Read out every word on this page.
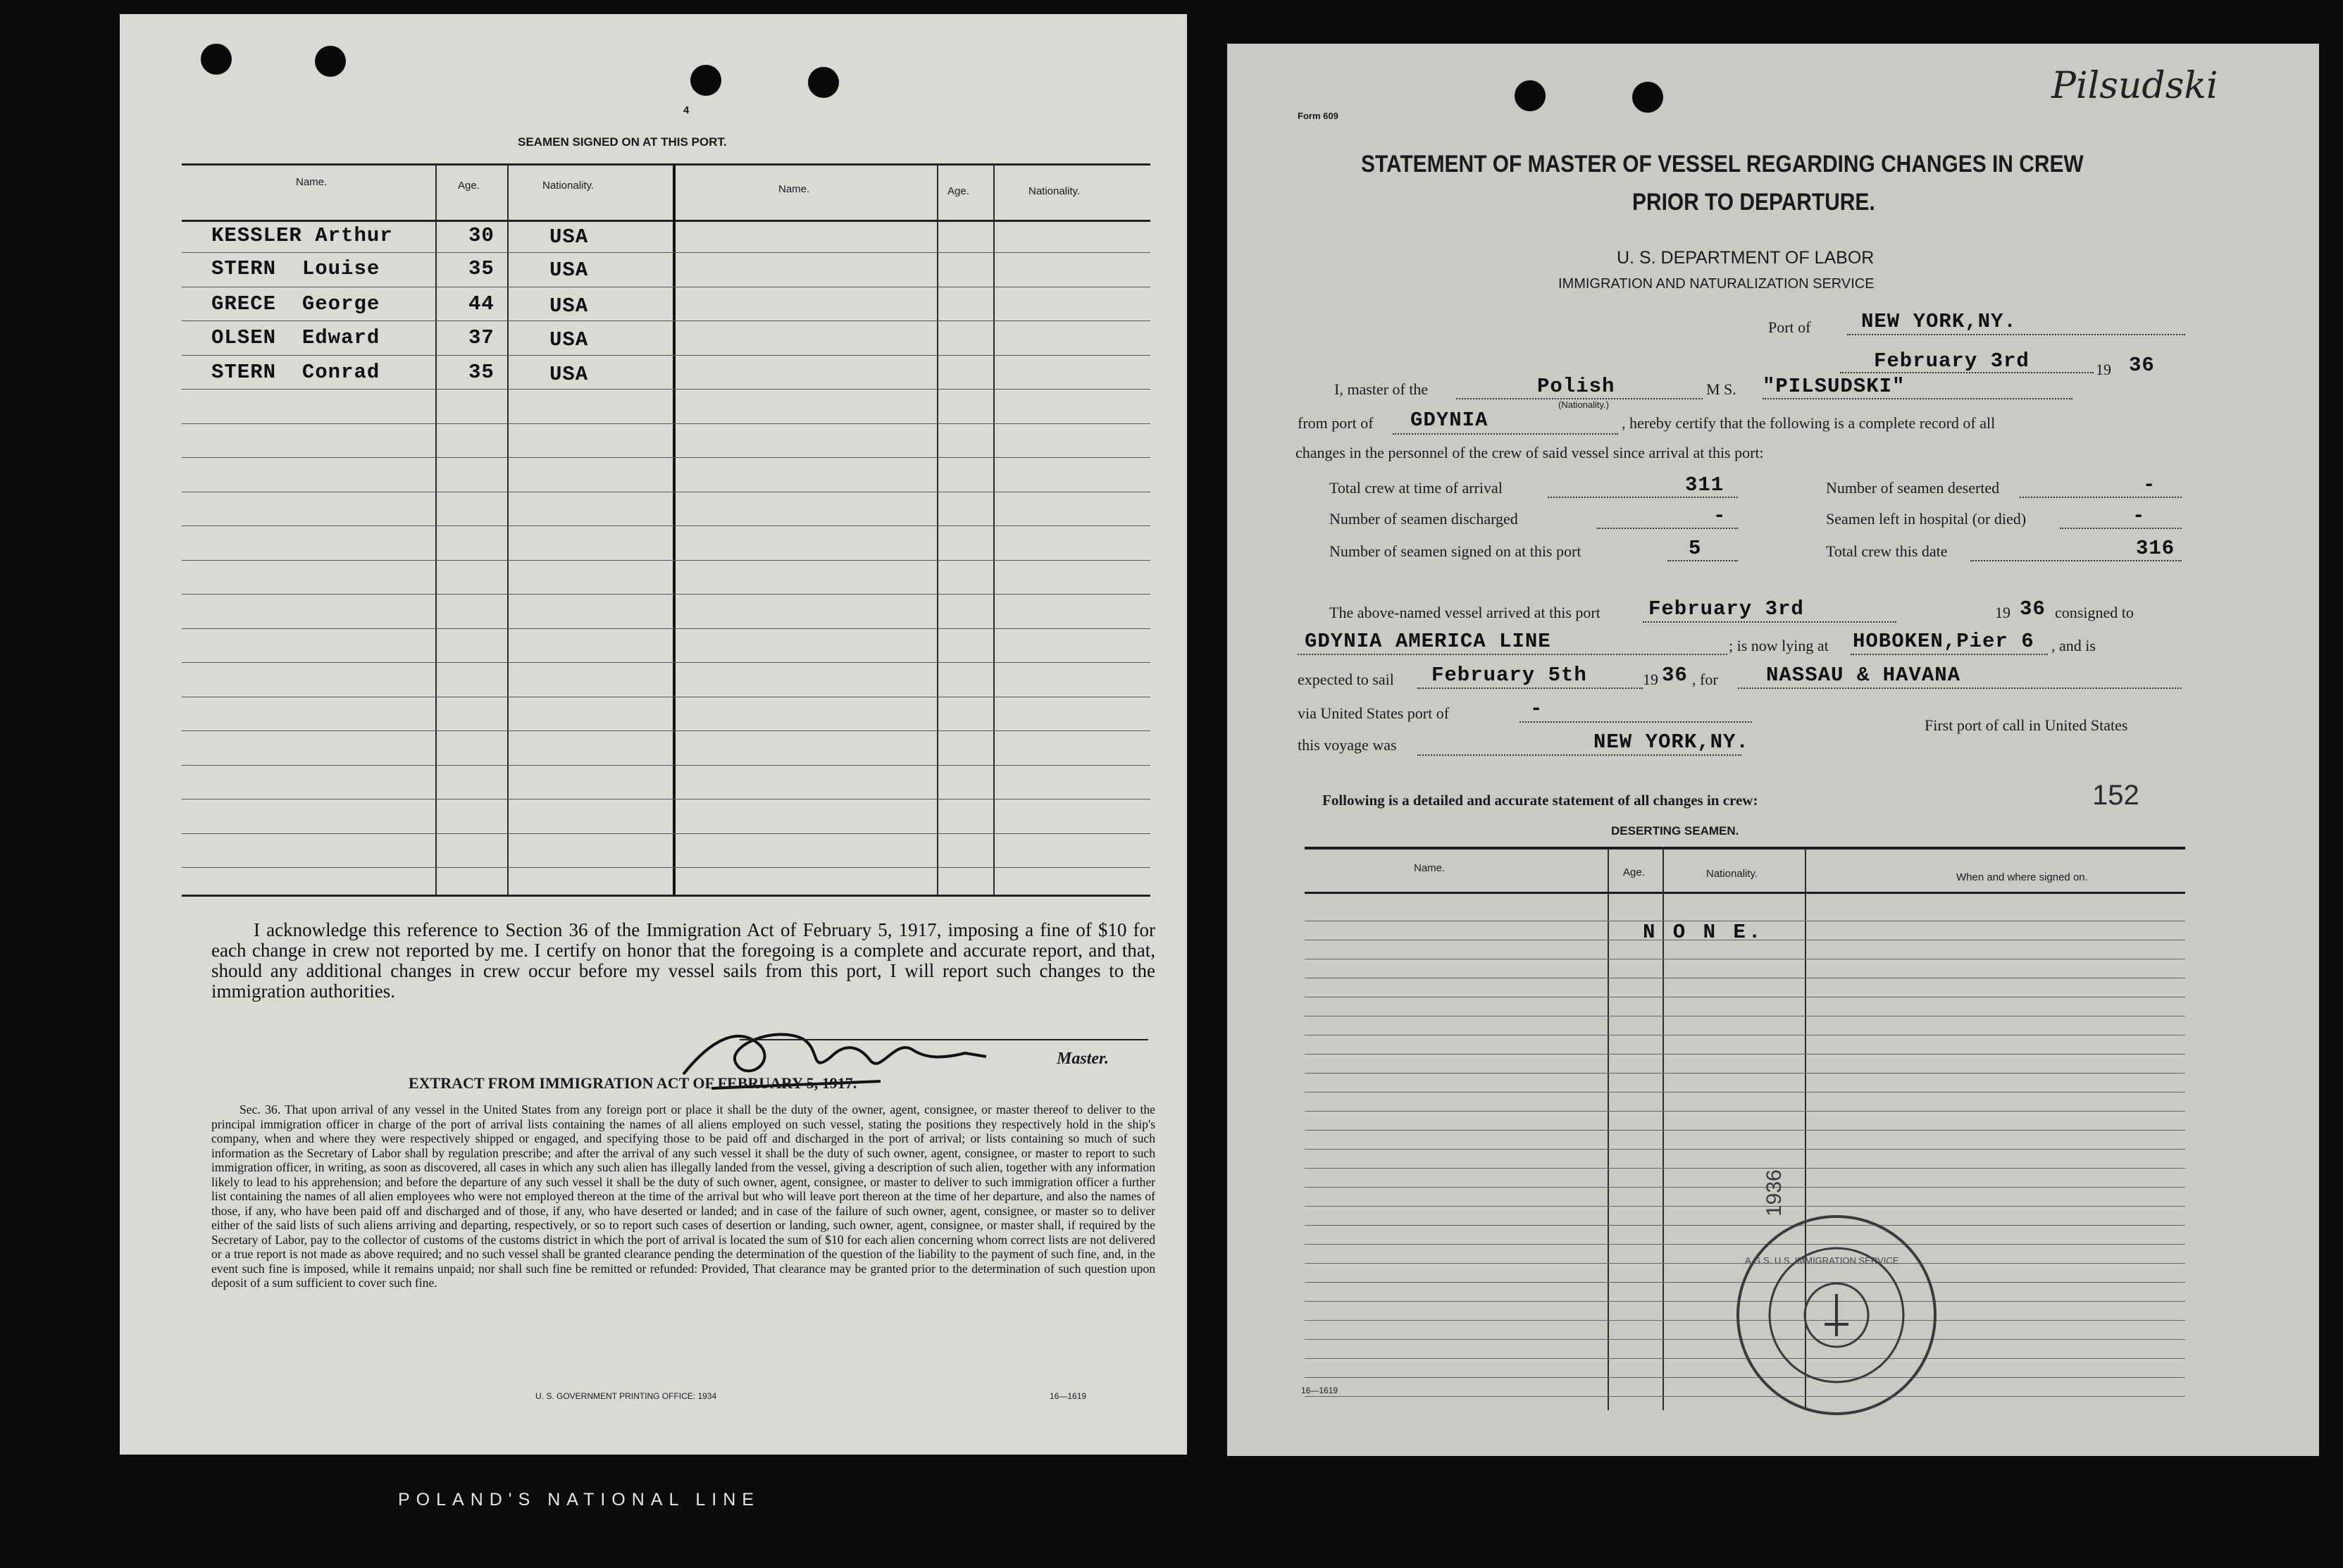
4
SEAMEN SIGNED ON AT THIS PORT.
Name.	Age.	Nationality.	Name.	Age.	Nationality.
KESSLER Arthur	30	USA
STERN Louise	35	USA
GRECE George	44	USA
OLSEN Edward	37	USA
STERN Conrad	35	USA
I acknowledge this reference to Section 36 of the Immigration Act of February 5, 1917, imposing a fine of $10 for each change in crew not reported by me. I certify on honor that the foregoing is a complete and accurate report, and that, should any additional changes in crew occur before my vessel sails from this port, I will report such changes to the immigration authorities.
Master.
EXTRACT FROM IMMIGRATION ACT OF FEBRUARY 5, 1917.
Sec. 36. That upon arrival of any vessel in the United States from any foreign port or place it shall be the duty of the owner, agent, consignee, or master thereof to deliver to the principal immigration officer in charge of the port of arrival lists containing the names of all aliens employed on such vessel, stating the positions they respectively hold in the ship's company, when and where they were respectively shipped or engaged, and specifying those to be paid off and discharged in the port of arrival; or lists containing so much of such information as the Secretary of Labor shall by regulation prescribe; and after the arrival of any such vessel it shall be the duty of such owner, agent, consignee, or master to report to such immigration officer, in writing, as soon as discovered, all cases in which any such alien has illegally landed from the vessel, giving a description of such alien, together with any information likely to lead to his apprehension; and before the departure of any such vessel it shall be the duty of such owner, agent, consignee, or master to deliver to such immigration officer a further list containing the names of all alien employees who were not employed thereon at the time of the arrival but who will leave port thereon at the time of her departure, and also the names of those, if any, who have been paid off and discharged and of those, if any, who have deserted or landed; and in case of the failure of such owner, agent, consignee, or master so to deliver either of the said lists of such aliens arriving and departing, respectively, or so to report such cases of desertion or landing, such owner, agent, consignee, or master shall, if required by the Secretary of Labor, pay to the collector of customs of the customs district in which the port of arrival is located the sum of $10 for each alien concerning whom correct lists are not delivered or a true report is not made as above required; and no such vessel shall be granted clearance pending the determination of the question of the liability to the payment of such fine, and, in the event such fine is imposed, while it remains unpaid; nor shall such fine be remitted or refunded: Provided, That clearance may be granted prior to the determination of such question upon deposit of a sum sufficient to cover such fine.
U. S. GOVERNMENT PRINTING OFFICE: 1934	16—1619
POLAND'S NATIONAL LINE
Form 609
Pilsudski
STATEMENT OF MASTER OF VESSEL REGARDING CHANGES IN CREW
PRIOR TO DEPARTURE.
U. S. DEPARTMENT OF LABOR
IMMIGRATION AND NATURALIZATION SERVICE
Port of NEW YORK,NY.
February 3rd	19 36
I, master of the	Polish
(Nationality.)
M S. "PILSUDSKI"
from port of GDYNIA	, hereby certify that the following is a complete record of all
changes in the personnel of the crew of said vessel since arrival at this port:
Total crew at time of arrival	311	Number of seamen deserted	-
Number of seamen discharged	-	Seamen left in hospital (or died)	-
Number of seamen signed on at this port	5	Total crew this date	316
The above-named vessel arrived at this port February 3rd	19 36 consigned to
GDYNIA AMERICA LINE	; is now lying at HOBOKEN,Pier 6 , and is
expected to sail February 5th	19 36 , for NASSAU & HAVANA
via United States port of	-
First port of call in United States
this voyage was	NEW YORK,NY.
Following is a detailed and accurate statement of all changes in crew:	152
DESERTING SEAMEN.
Name.	Age.	Nationality.	When and where signed on.
N O N E.
1936
A.G.S. U.S. IMMIGRATION SERVICE
16—1619
